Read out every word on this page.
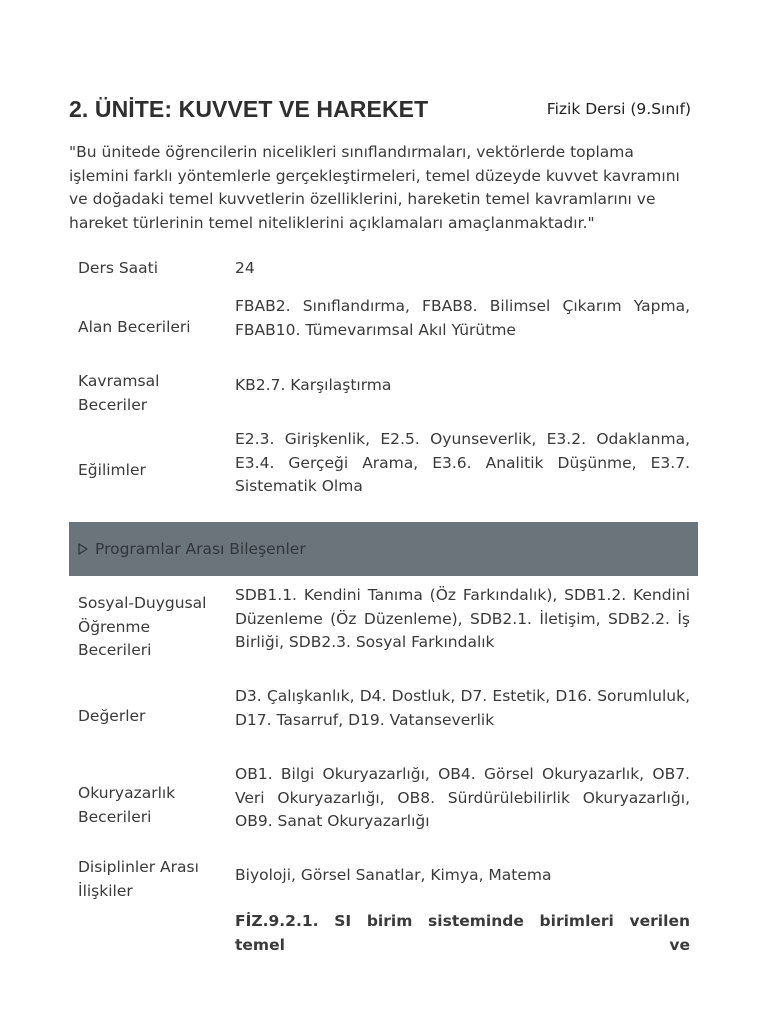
2. ÜNİTE: KUVVET VE HAREKET	Fizik Dersi (9.Sınıf)

"Bu ünitede öğrencilerin nicelikleri sınıflandırmaları, vektörlerde toplama işlemini farklı yöntemlerle gerçekleştirmeleri, temel düzeyde kuvvet kavramını ve doğadaki temel kuvvetlerin özelliklerini, hareketin temel kavramlarını ve hareket türlerinin temel niteliklerini açıklamaları amaçlanmaktadır."

Ders Saati	24
Alan Becerileri
FBAB2. Sınıflandırma, FBAB8. Bilimsel Çıkarım Yapma, FBAB10. Tümevarımsal Akıl Yürütme
Kavramsal Beceriler
KB2.7. Karşılaştırma
Eğilimler
E2.3. Girişkenlik, E2.5. Oyunseverlik, E3.2. Odaklanma, E3.4. Gerçeği Arama, E3.6. Analitik Düşünme, E3.7. Sistematik Olma
Programlar Arası Bileşenler
Sosyal-Duygusal Öğrenme Becerileri
SDB1.1. Kendini Tanıma (Öz Farkındalık), SDB1.2. Kendini Düzenleme (Öz Düzenleme), SDB2.1. İletişim, SDB2.2. İş Birliği, SDB2.3. Sosyal Farkındalık
Değerler
D3. Çalışkanlık, D4. Dostluk, D7. Estetik, D16. Sorumluluk, D17. Tasarruf, D19. Vatanseverlik
Okuryazarlık Becerileri
OB1. Bilgi Okuryazarlığı, OB4. Görsel Okuryazarlık, OB7. Veri Okuryazarlığı, OB8. Sürdürülebilirlik Okuryazarlığı, OB9. Sanat Okuryazarlığı
Disiplinler Arası İlişkiler
Biyoloji, Görsel Sanatlar, Kimya, Matema
FİZ.9.2.1. SI birim sisteminde birimleri verilen temel ve
